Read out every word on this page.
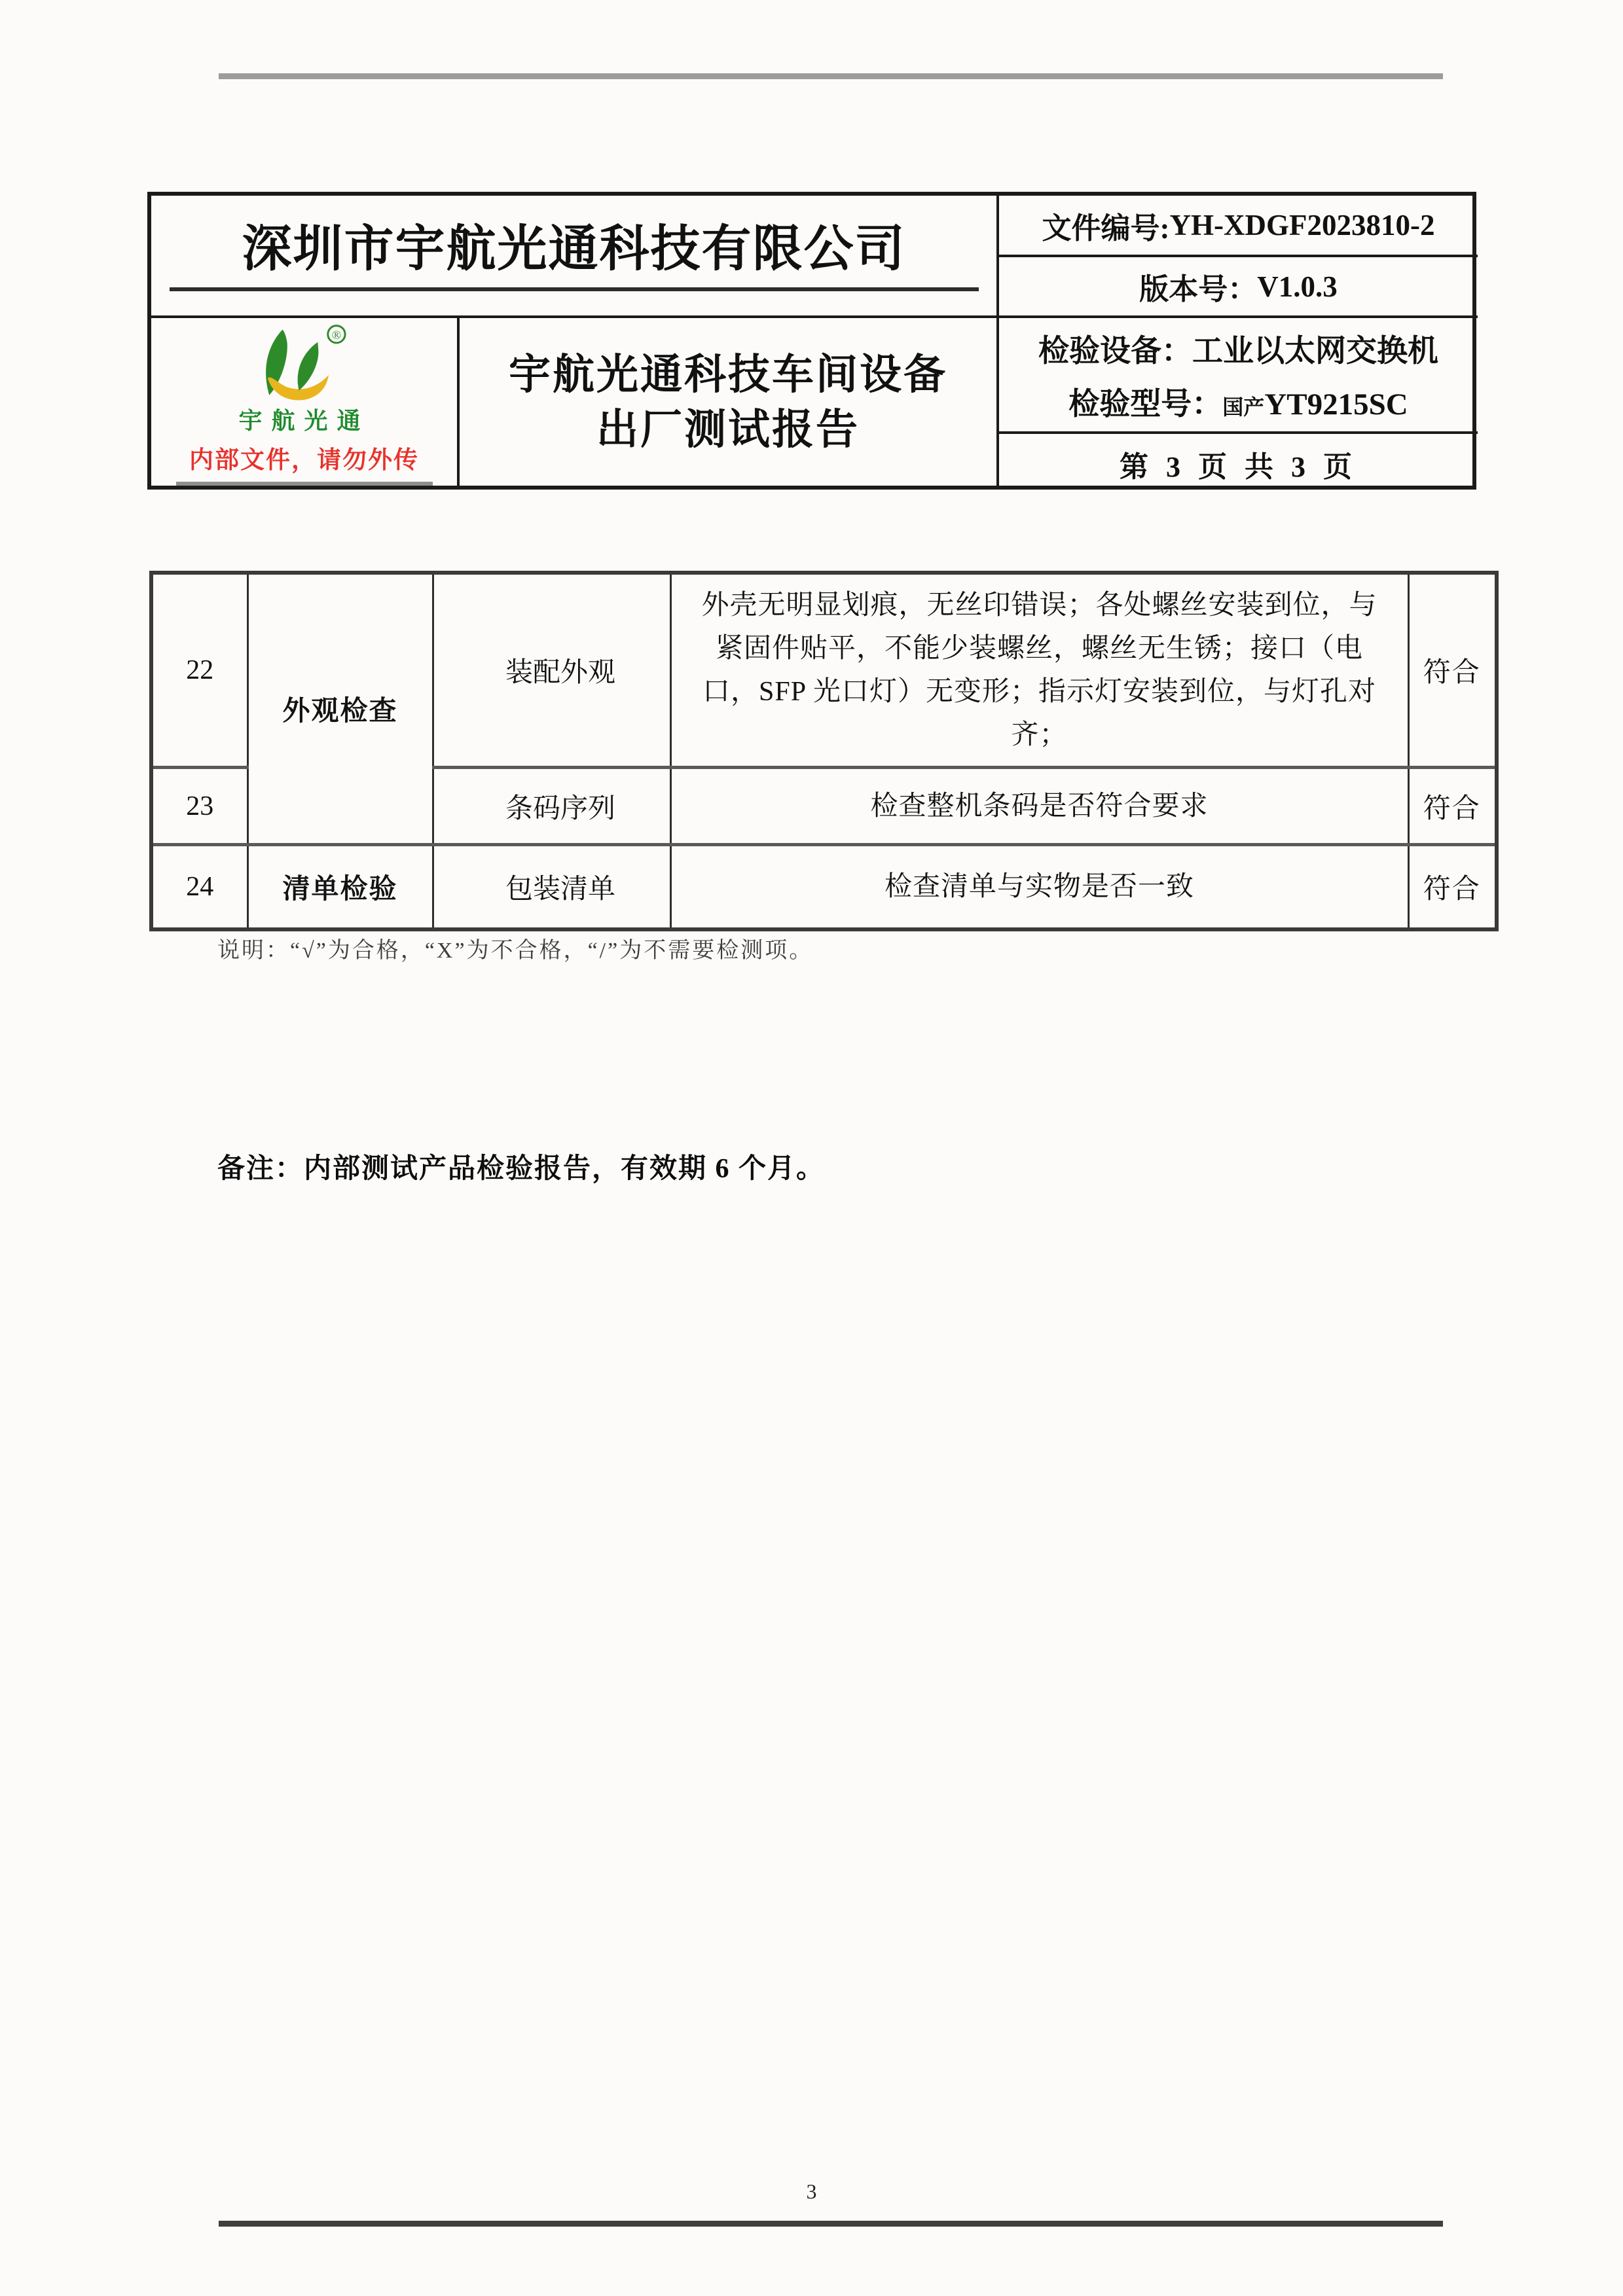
深圳市宇航光通科技有限公司
®
宇航光通
内部文件，请勿外传
宇航光通科技车间设备
出厂测试报告
文件编号: YH-XDGF2023810-2
版本号： V1.0.3
检验设备：工业以太网交换机
检验型号：国产YT9215SC
第 3 页 共 3 页
22	外观检查	装配外观	外壳无明显划痕，无丝印错误；各处螺丝安装到位，与紧固件贴平，不能少装螺丝，螺丝无生锈；接口（电口，SFP 光口灯）无变形；指示灯安装到位，与灯孔对齐；	符合
23		条码序列	检查整机条码是否符合要求	符合
24	清单检验	包装清单	检查清单与实物是否一致	符合
说明：“√”为合格，“X”为不合格，“/”为不需要检测项。
备注：内部测试产品检验报告，有效期 6 个月。
3
